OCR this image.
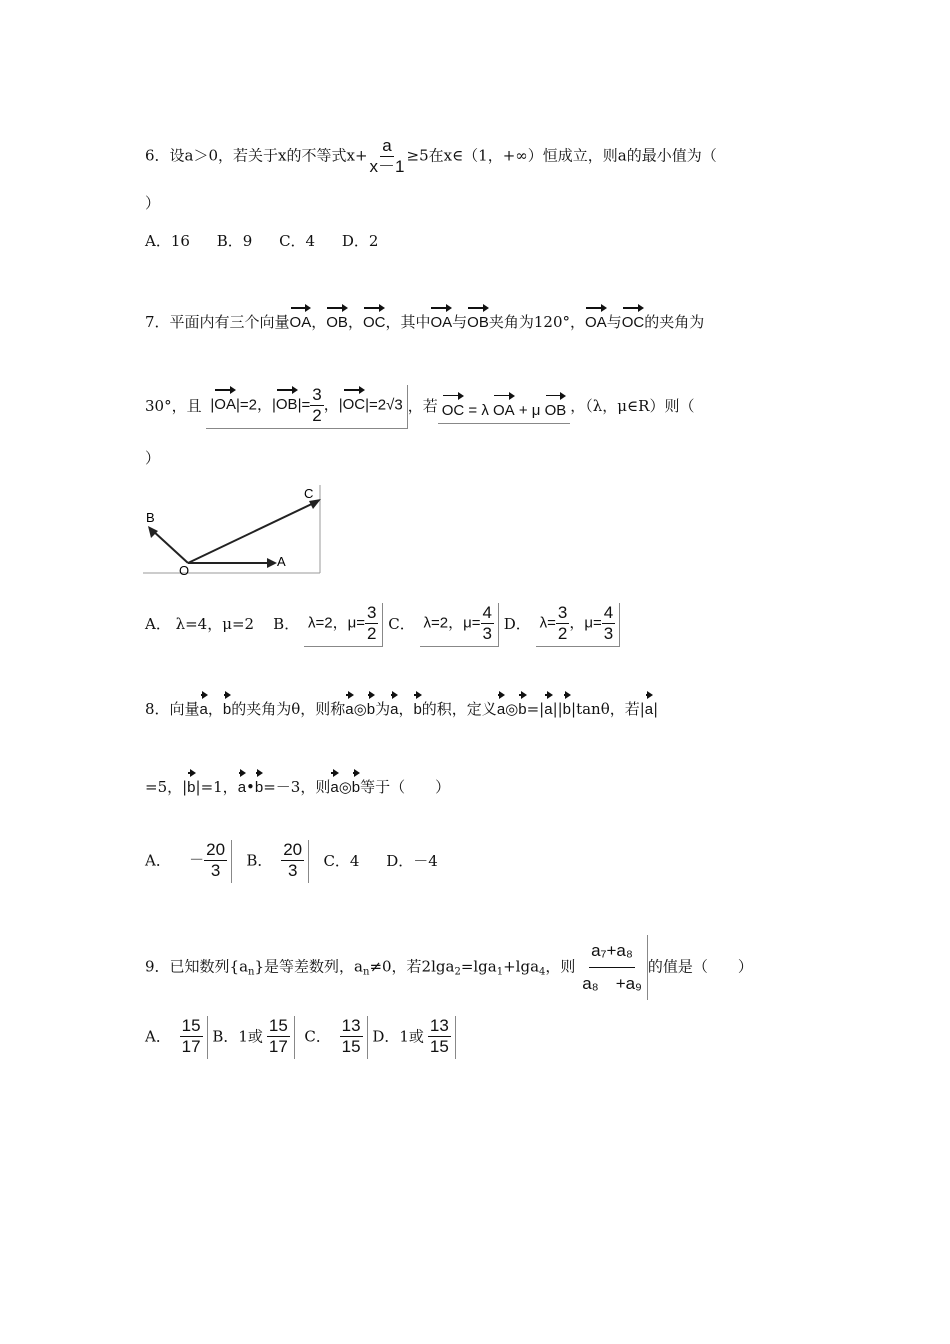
6．设a＞0，若关于x的不等式$x+ \frac{a}{x-1} \ge 5$在x∈（1，+∞）恒成立，则a的最小值为（
）
A．16 B．9 C．4 D．2
7．平面内有三个向量OA，OB，OC，其中OA与OB夹角为120°，OA与OC的夹角为
30°，且 |OA|=2，$|OB|= \frac{3}{2}$ ，|OC|=2√3 ，若 OC = λ OA + μ OB ，（λ，μ∈R）则（
）
B
C
O
A
A． λ=4，μ=2 B． λ=2，$\mu= \frac{3}{2}$ C． λ=2，$\mu= \frac{4}{3}$ D． $\lambda= \frac{3}{2}$ ，$\mu= \frac{4}{3}$
8．向量a，b的夹角为θ，则称a◎b为a，b的积，定义a◎b=|a||b|tanθ，若|a|
=5，|b|=1，a•b=－3，则a◎b等于（　　）
A． － $\frac{20}{3}$ B． $\frac{20}{3}$ C．4 D．－4
9．已知数列$\{a_n\}$是等差数列，$a_n\ne 0$，若2lga$_2$=lga$_1$+lga$_4$，则 $\frac{\text{a₇+a₈}}{\text{a₈　+a₉}}$ 的值是（　　）
A． $\frac{15}{17}$ B．1或 $\frac{15}{17}$ C． $\frac{13}{15}$ D．1或 $\frac{13}{15}$
